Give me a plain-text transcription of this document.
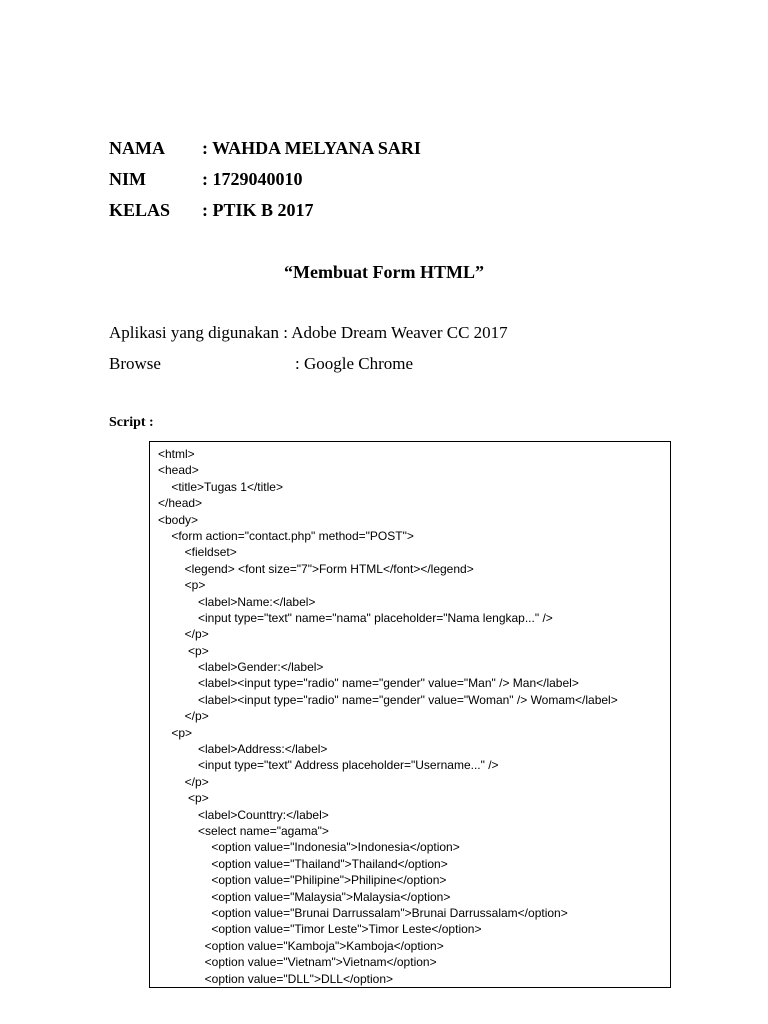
NAMA	: WAHDA MELYANA SARI
NIM	: 1729040010
KELAS	: PTIK B 2017
“Membuat Form HTML”
Aplikasi yang digunakan : Adobe Dream Weaver CC 2017
Browse	: Google Chrome
Script :
<html>
<head>
<title>Tugas 1</title>
</head>
<body>
<form action="contact.php" method="POST">
<fieldset>
<legend> <font size="7">Form HTML</font></legend>
<p>
<label>Name:</label>
<input type="text" name="nama" placeholder="Nama lengkap..." />
</p>
<p>
<label>Gender:</label>
<label><input type="radio" name="gender" value="Man" /> Man</label>
<label><input type="radio" name="gender" value="Woman" /> Womam</label>
</p>
<p>
<label>Address:</label>
<input type="text" Address placeholder="Username..." />
</p>
<p>
<label>Counttry:</label>
<select name="agama">
<option value="Indonesia">Indonesia</option>
<option value="Thailand">Thailand</option>
<option value="Philipine">Philipine</option>
<option value="Malaysia">Malaysia</option>
<option value="Brunai Darrussalam">Brunai Darrussalam</option>
<option value="Timor Leste">Timor Leste</option>
<option value="Kamboja">Kamboja</option>
<option value="Vietnam">Vietnam</option>
<option value="DLL">DLL</option>
